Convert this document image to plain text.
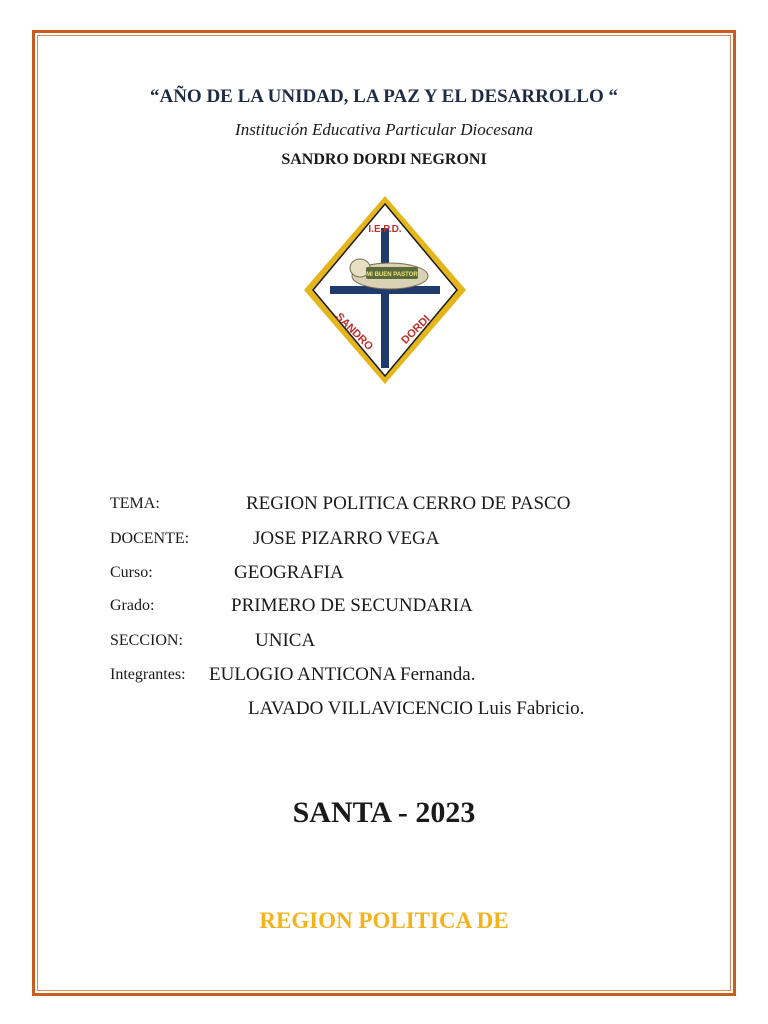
“AÑO DE LA UNIDAD, LA PAZ Y EL DESARROLLO “
Institución Educativa Particular Diocesana
SANDRO DORDI NEGRONI
I.E.P.D.
MI BUEN PASTOR
SANDRO DORDI
TEMA:	REGION POLITICA CERRO DE PASCO
DOCENTE:	JOSE PIZARRO VEGA
Curso:	GEOGRAFIA
Grado:	PRIMERO DE SECUNDARIA
SECCION:	UNICA
Integrantes: EULOGIO ANTICONA Fernanda.
LAVADO VILLAVICENCIO Luis Fabricio.
SANTA - 2023
REGION POLITICA DE
